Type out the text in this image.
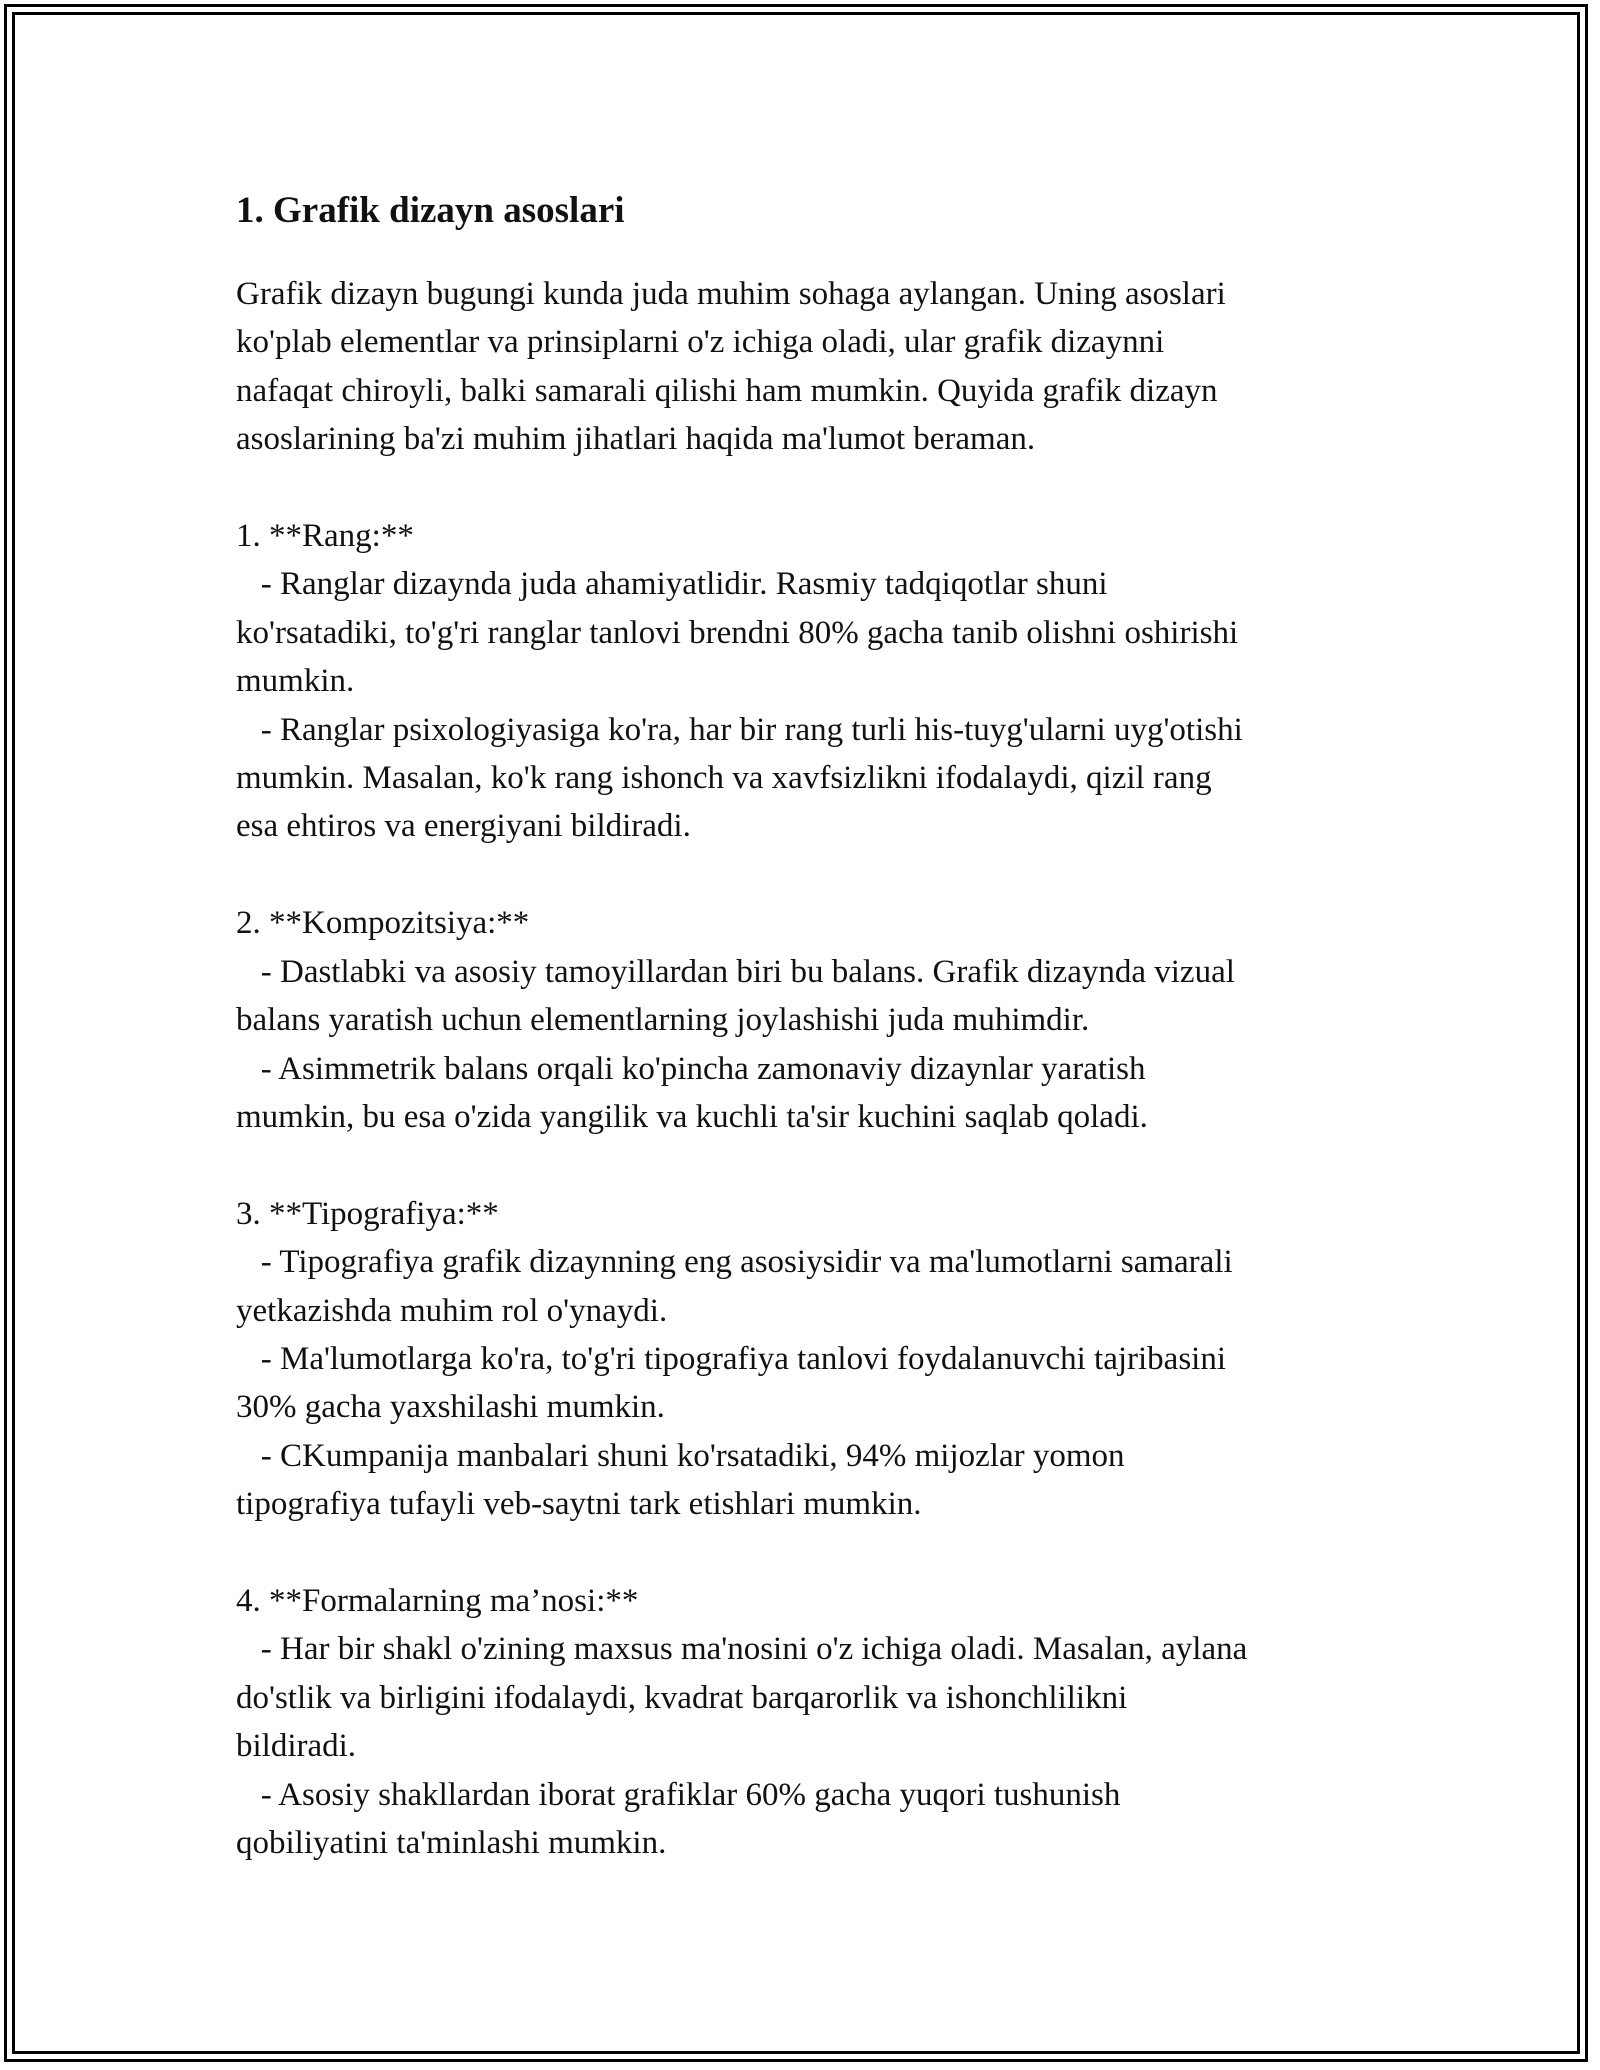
1. Grafik dizayn asoslari

Grafik dizayn bugungi kunda juda muhim sohaga aylangan. Uning asoslari
ko'plab elementlar va prinsiplarni o'z ichiga oladi, ular grafik dizaynni
nafaqat chiroyli, balki samarali qilishi ham mumkin. Quyida grafik dizayn
asoslarining ba'zi muhim jihatlari haqida ma'lumot beraman.

1. **Rang:**
- Ranglar dizaynda juda ahamiyatlidir. Rasmiy tadqiqotlar shuni
ko'rsatadiki, to'g'ri ranglar tanlovi brendni 80% gacha tanib olishni oshirishi
mumkin.
- Ranglar psixologiyasiga ko'ra, har bir rang turli his-tuyg'ularni uyg'otishi
mumkin. Masalan, ko'k rang ishonch va xavfsizlikni ifodalaydi, qizil rang
esa ehtiros va energiyani bildiradi.

2. **Kompozitsiya:**
- Dastlabki va asosiy tamoyillardan biri bu balans. Grafik dizaynda vizual
balans yaratish uchun elementlarning joylashishi juda muhimdir.
- Asimmetrik balans orqali ko'pincha zamonaviy dizaynlar yaratish
mumkin, bu esa o'zida yangilik va kuchli ta'sir kuchini saqlab qoladi.

3. **Tipografiya:**
- Tipografiya grafik dizaynning eng asosiysidir va ma'lumotlarni samarali
yetkazishda muhim rol o'ynaydi.
- Ma'lumotlarga ko'ra, to'g'ri tipografiya tanlovi foydalanuvchi tajribasini
30% gacha yaxshilashi mumkin.
- CKumpanija manbalari shuni ko'rsatadiki, 94% mijozlar yomon
tipografiya tufayli veb-saytni tark etishlari mumkin.

4. **Formalarning ma’nosi:**
- Har bir shakl o'zining maxsus ma'nosini o'z ichiga oladi. Masalan, aylana
do'stlik va birligini ifodalaydi, kvadrat barqarorlik va ishonchlilikni
bildiradi.
- Asosiy shakllardan iborat grafiklar 60% gacha yuqori tushunish
qobiliyatini ta'minlashi mumkin.
